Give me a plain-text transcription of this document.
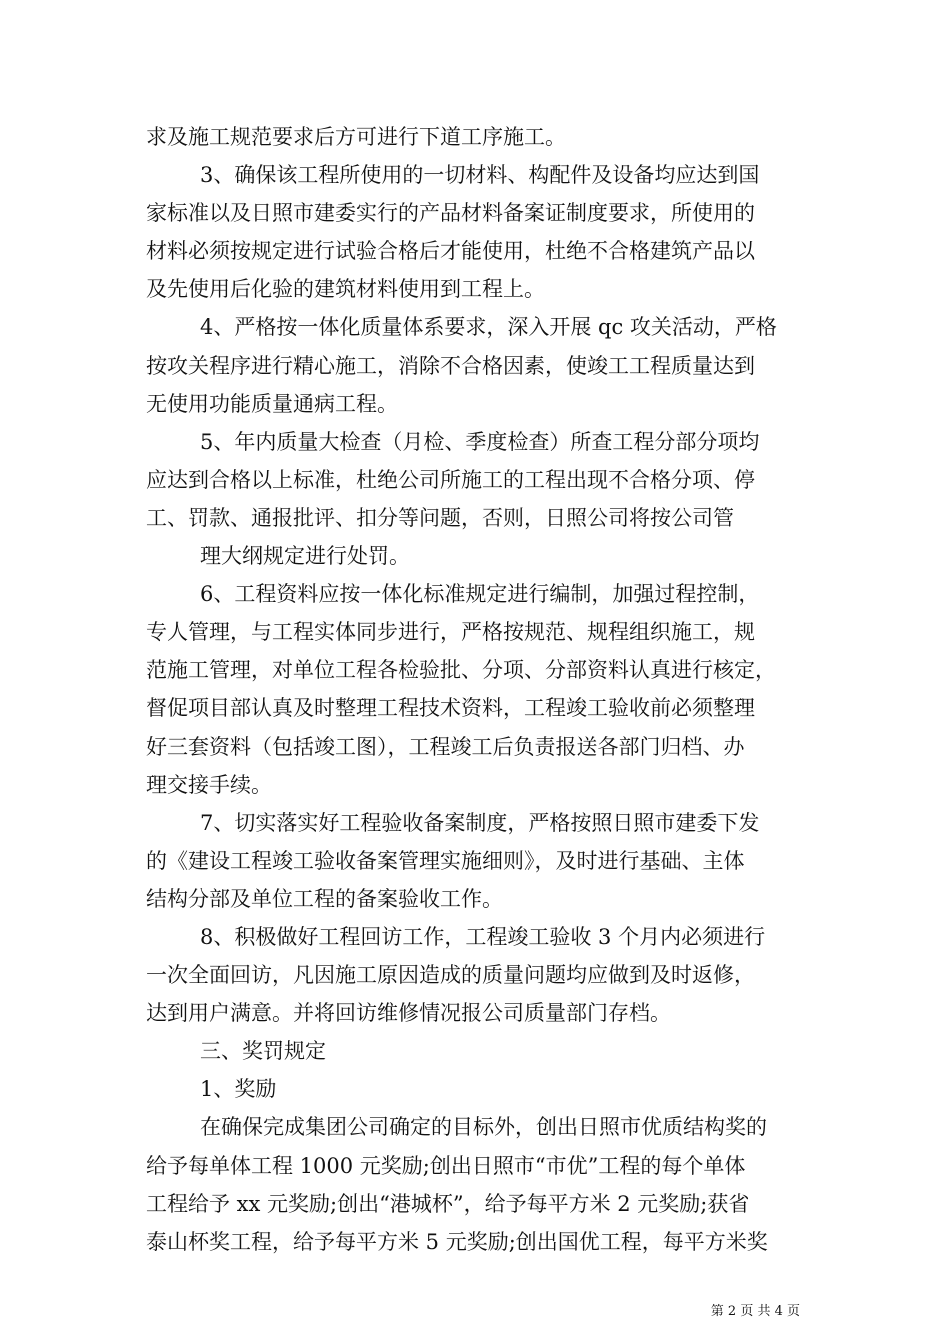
求及施工规范要求后方可进行下道工序施工。
3、确保该工程所使用的一切材料、构配件及设备均应达到国
家标准以及日照市建委实行的产品材料备案证制度要求，所使用的
材料必须按规定进行试验合格后才能使用，杜绝不合格建筑产品以
及先使用后化验的建筑材料使用到工程上。
4、严格按一体化质量体系要求，深入开展 qc 攻关活动，严格
按攻关程序进行精心施工，消除不合格因素，使竣工工程质量达到
无使用功能质量通病工程。
5、年内质量大检查（月检、季度检查）所查工程分部分项均
应达到合格以上标准，杜绝公司所施工的工程出现不合格分项、停
工、罚款、通报批评、扣分等问题，否则，日照公司将按公司管
理大纲规定进行处罚。
6、工程资料应按一体化标准规定进行编制，加强过程控制，
专人管理，与工程实体同步进行，严格按规范、规程组织施工，规
范施工管理，对单位工程各检验批、分项、分部资料认真进行核定，
督促项目部认真及时整理工程技术资料，工程竣工验收前必须整理
好三套资料（包括竣工图），工程竣工后负责报送各部门归档、办
理交接手续。
7、切实落实好工程验收备案制度，严格按照日照市建委下发
的《建设工程竣工验收备案管理实施细则》，及时进行基础、主体
结构分部及单位工程的备案验收工作。
8、积极做好工程回访工作，工程竣工验收 3 个月内必须进行
一次全面回访，凡因施工原因造成的质量问题均应做到及时返修，
达到用户满意。并将回访维修情况报公司质量部门存档。
三、奖罚规定
1、奖励
在确保完成集团公司确定的目标外，创出日照市优质结构奖的
给予每单体工程 1000 元奖励;创出日照市“市优”工程的每个单体
工程给予 xx 元奖励;创出“港城杯”，给予每平方米 2 元奖励;获省
泰山杯奖工程，给予每平方米 5 元奖励;创出国优工程，每平方米奖
第 2 页 共 4 页
